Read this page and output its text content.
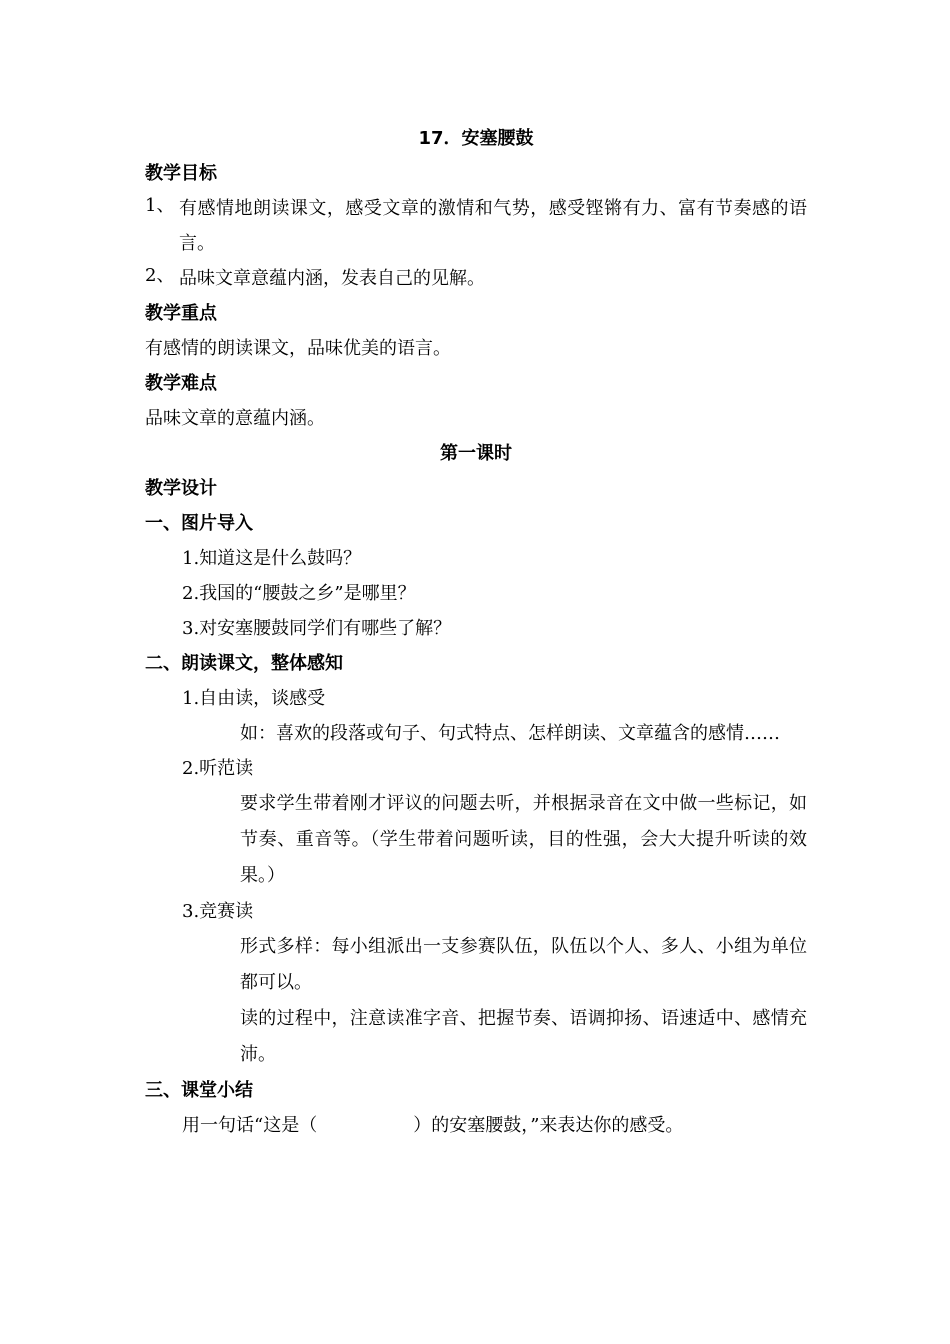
17．安塞腰鼓
教学目标
1、 有感情地朗读课文，感受文章的激情和气势，感受铿锵有力、富有节奏感的语言。
2、 品味文章意蕴内涵，发表自己的见解。
教学重点
有感情的朗读课文，品味优美的语言。
教学难点
品味文章的意蕴内涵。
第一课时
教学设计
一、图片导入
1.知道这是什么鼓吗？
2.我国的“腰鼓之乡”是哪里？
3.对安塞腰鼓同学们有哪些了解？
二、朗读课文，整体感知
1.自由读，谈感受
如：喜欢的段落或句子、句式特点、怎样朗读、文章蕴含的感情……
2.听范读
要求学生带着刚才评议的问题去听，并根据录音在文中做一些标记，如节奏、重音等。（学生带着问题听读，目的性强，会大大提升听读的效果。）
3.竞赛读
形式多样：每小组派出一支参赛队伍，队伍以个人、多人、小组为单位都可以。
读的过程中，注意读准字音、把握节奏、语调抑扬、语速适中、感情充沛。
三、课堂小结
用一句话“这是（	）的安塞腰鼓，”来表达你的感受。
